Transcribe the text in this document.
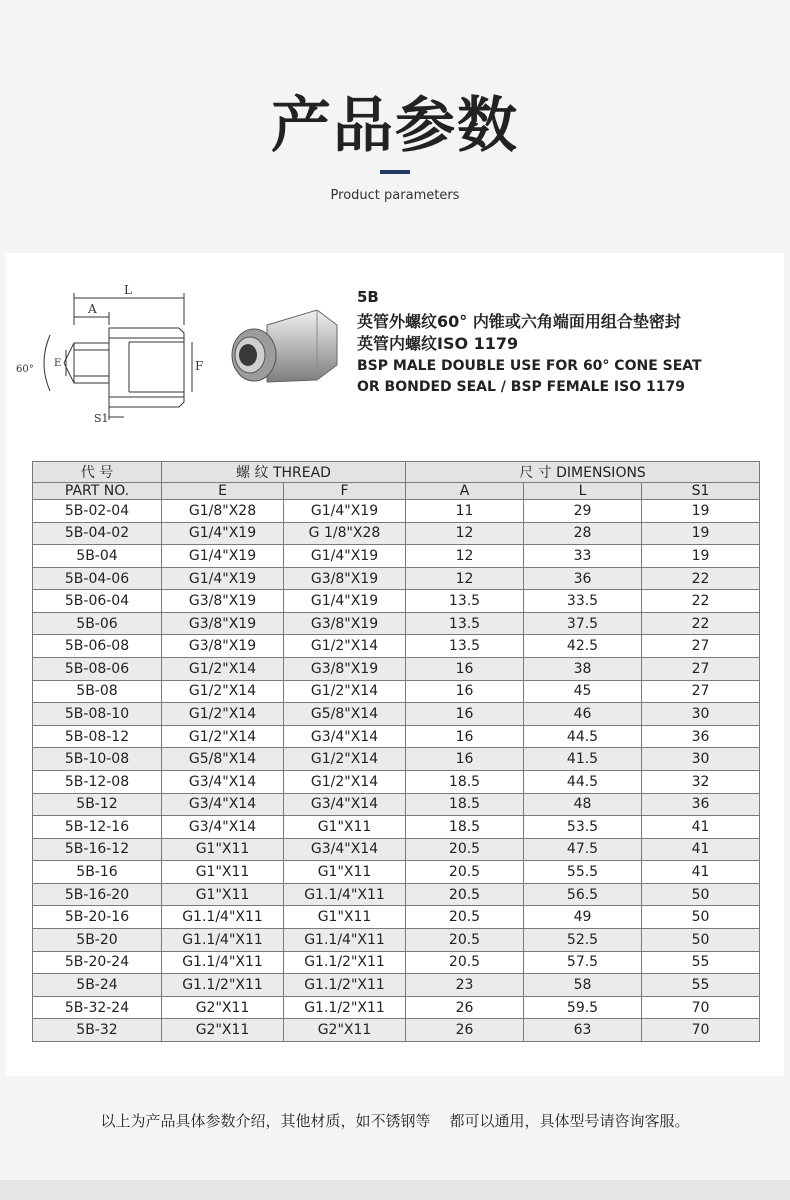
产品参数
Product parameters
L
A
E	F
60°
S1
5B
英管外螺纹60° 内锥或六角端面用组合垫密封
英管内螺纹ISO 1179
BSP MALE DOUBLE USE FOR 60° CONE SEAT
OR BONDED SEAL / BSP FEMALE ISO 1179
代 号	螺 纹 THREAD		尺 寸 DIMENSIONS		
PART NO.	E	F	A	L	S1
5B-02-04	G1/8"X28	G1/4"X19	11	29	19
5B-04-02	G1/4"X19	G 1/8"X28	12	28	19
5B-04	G1/4"X19	G1/4"X19	12	33	19
5B-04-06	G1/4"X19	G3/8"X19	12	36	22
5B-06-04	G3/8"X19	G1/4"X19	13.5	33.5	22
5B-06	G3/8"X19	G3/8"X19	13.5	37.5	22
5B-06-08	G3/8"X19	G1/2"X14	13.5	42.5	27
5B-08-06	G1/2"X14	G3/8"X19	16	38	27
5B-08	G1/2"X14	G1/2"X14	16	45	27
5B-08-10	G1/2"X14	G5/8"X14	16	46	30
5B-08-12	G1/2"X14	G3/4"X14	16	44.5	36
5B-10-08	G5/8"X14	G1/2"X14	16	41.5	30
5B-12-08	G3/4"X14	G1/2"X14	18.5	44.5	32
5B-12	G3/4"X14	G3/4"X14	18.5	48	36
5B-12-16	G3/4"X14	G1"X11	18.5	53.5	41
5B-16-12	G1"X11	G3/4"X14	20.5	47.5	41
5B-16	G1"X11	G1"X11	20.5	55.5	41
5B-16-20	G1"X11	G1.1/4"X11	20.5	56.5	50
5B-20-16	G1.1/4"X11	G1"X11	20.5	49	50
5B-20	G1.1/4"X11	G1.1/4"X11	20.5	52.5	50
5B-20-24	G1.1/4"X11	G1.1/2"X11	20.5	57.5	55
5B-24	G1.1/2"X11	G1.1/2"X11	23	58	55
5B-32-24	G2"X11	G1.1/2"X11	26	59.5	70
5B-32	G2"X11	G2"X11	26	63	70
以上为产品具体参数介绍，其他材质，如不锈钢等    都可以通用，具体型号请咨询客服。
